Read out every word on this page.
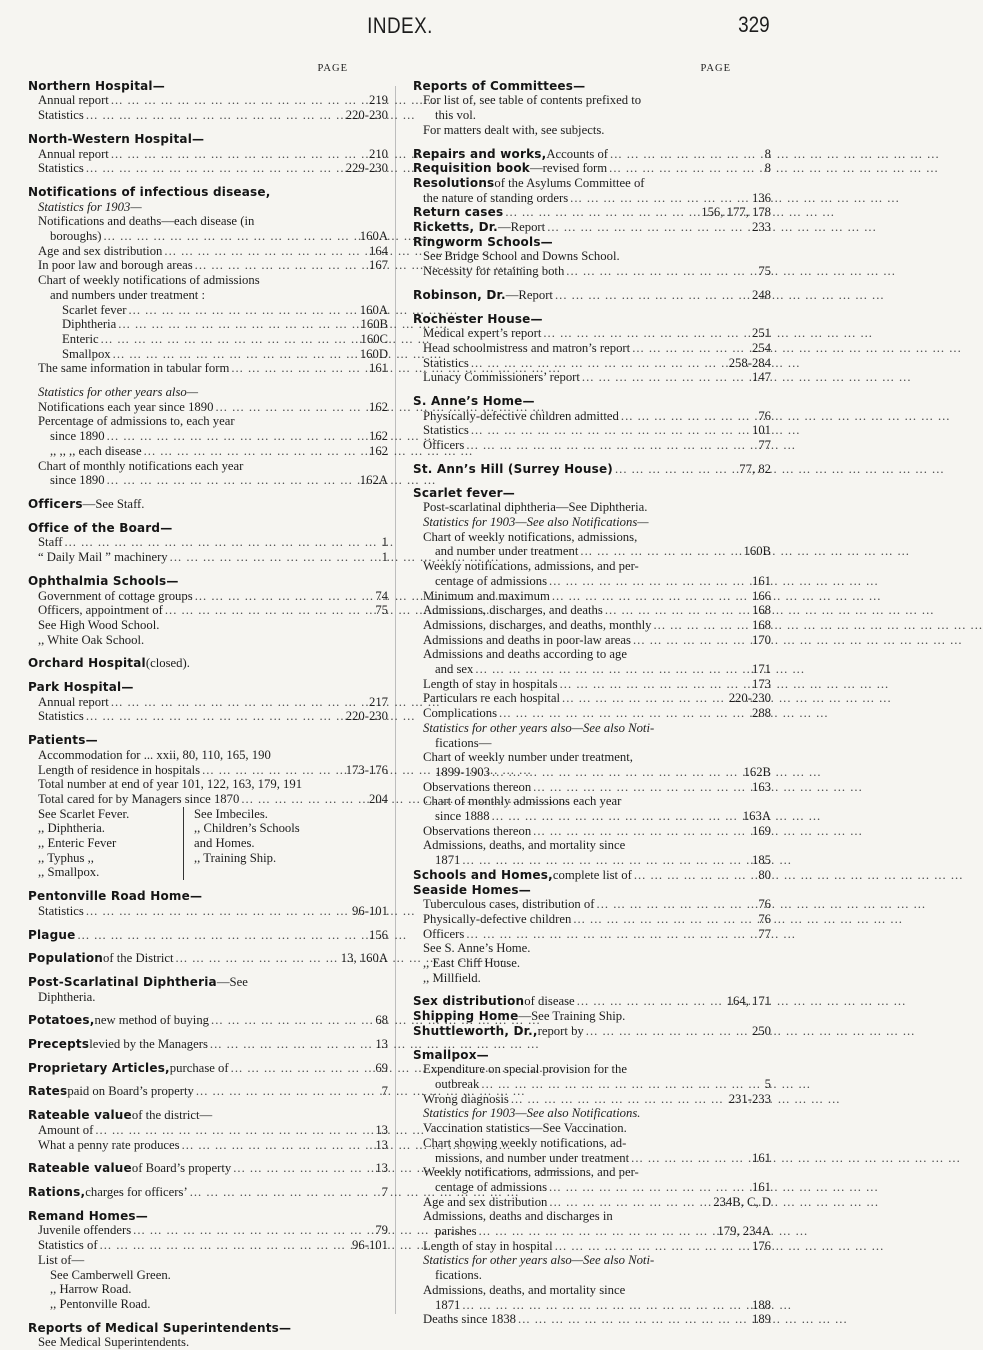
INDEX.	329
PAGE
Northern Hospital—
Annual report ... .	219
Statistics ... .	220-230
North-Western Hospital—
Annual report ... .	210
Statistics ... .	229-230
Notifications of infectious disease,
Statistics for 1903—
Notifications and deaths—each disease (in
boroughs) ... .	160A
Age and sex distribution ... .	164
In poor law and borough areas ... .	167
Chart of weekly notifications of admissions
and numbers under treatment :
Scarlet fever ... .	160A
Diphtheria ... .	160B
Enteric ... .	160C
Smallpox ... .	160D
The same information in tabular form ... .	161
Statistics for other years also—
Notifications each year since 1890 ... .	162
Percentage of admissions to, each year
since 1890 ... .	162
,, ,, ,, each disease ... .	162
Chart of monthly notifications each year
since 1890 ... .	162A
Officers —See Staff.
Office of the Board—
Staff ... .	1
“ Daily Mail ” machinery ... .	1
Ophthalmia Schools—
Government of cottage groups ... .	74
Officers, appointment of ... .	75
See High Wood School.
,, White Oak School.
Orchard Hospital (closed).
Park Hospital—
Annual report ... .	217
Statistics ... .	220-230
Patients—
Accommodation for ... xxii, 80, 110, 165, 190
Length of residence in hospitals ... .	173-176
Total number at end of year 101, 122, 163, 179, 191
Total cared for by Managers since 1870 ... .	204
See Scarlet Fever.
,, Diphtheria.
,, Enteric Fever
,, Typhus ,,
,, Smallpox.
See Imbeciles.
,, Children’s Schools
and Homes.
,, Training Ship.
Pentonville Road Home—
Statistics ... .	96-101
Plague ... .	156
Population of the District ... .	13, 160A
Post-Scarlatinal Diphtheria —See
Diphtheria.
Potatoes, new method of buying ... .	68
Precepts levied by the Managers ... .	13
Proprietary Articles, purchase of ... .	69
Rates paid on Board’s property ... .	7
Rateable value of the district—
Amount of ... .	13
What a penny rate produces ... .	13
Rateable value of Board’s property ... .	13
Rations, charges for officers’ ... .	7
Remand Homes—
Juvenile offenders ... .	79
Statistics of ... .	96-101
List of—
See Camberwell Green.
,, Harrow Road.
,, Pentonville Road.
Reports of Medical Superintendents—
See Medical Superintendents.
PAGE
Reports of Committees—
For list of, see table of contents prefixed to
this vol.
For matters dealt with, see subjects.
Repairs and works, Accounts of ... .	8
Requisition book —revised form ... .	8
Resolutions of the Asylums Committee of
the nature of standing orders ... .	136
Return cases ... .	156, 177, 178
Ricketts, Dr. —Report ... .	233
Ringworm Schools—
See Bridge School and Downs School.
Necessity for retaining both ... .	75
Robinson, Dr. —Report ... .	248
Rochester House—
Medical expert’s report ... .	251
Head schoolmistress and matron’s report ... .	254
Statistics ... .	258-284
Lunacy Commissioners’ report ... .	147
S. Anne’s Home—
Physically-defective children admitted ... .	76
Statistics ... .	101
Officers ... .	77
St. Ann’s Hill (Surrey House) ... .	77, 82
Scarlet fever—
Post-scarlatinal diphtheria—See Diphtheria.
Statistics for 1903—See also Notifications—
Chart of weekly notifications, admissions,
and number under treatment ... .	160B
Weekly notifications, admissions, and per-
centage of admissions ... .	161
Minimum and maximum ... .	166
Admissions, discharges, and deaths ... .	168
Admissions, discharges, and deaths, monthly ... .	168
Admissions and deaths in poor-law areas ... .	170
Admissions and deaths according to age
and sex ... .	171
Length of stay in hospitals ... .	173
Particulars re each hospital ... .	220-230
Complications ... .	288
Statistics for other years also—See also Noti-
fications—
Chart of weekly number under treatment,
1899-1903 ... .	162B
Observations thereon ... .	163
Chart of monthly admissions each year
since 1888 ... .	163A
Observations thereon ... .	169
Admissions, deaths, and mortality since
1871 ... .	185
Schools and Homes, complete list of ... .	80
Seaside Homes—
Tuberculous cases, distribution of ... .	76
Physically-defective children ... .	76
Officers ... .	77
See S. Anne’s Home.
,, East Cliff House.
,, Millfield.
Sex distribution of disease ... .	164, 171
Shipping Home —See Training Ship.
Shuttleworth, Dr., report by ... .	250
Smallpox—
Expenditure on special provision for the
outbreak ... .	5
Wrong diagnosis ... .	231-233
Statistics for 1903—See also Notifications.
Vaccination statistics—See Vaccination.
Chart showing weekly notifications, ad-
missions, and number under treatment ... .	161
Weekly notifications, admissions, and per-
centage of admissions ... .	161
Age and sex distribution ... .	234B, C, D
Admissions, deaths and discharges in
parishes ... .	179, 234A
Length of stay in hospital ... .	176
Statistics for other years also—See also Noti-
fications.
Admissions, deaths, and mortality since
1871 ... .	188
Deaths since 1838 ... .	189
